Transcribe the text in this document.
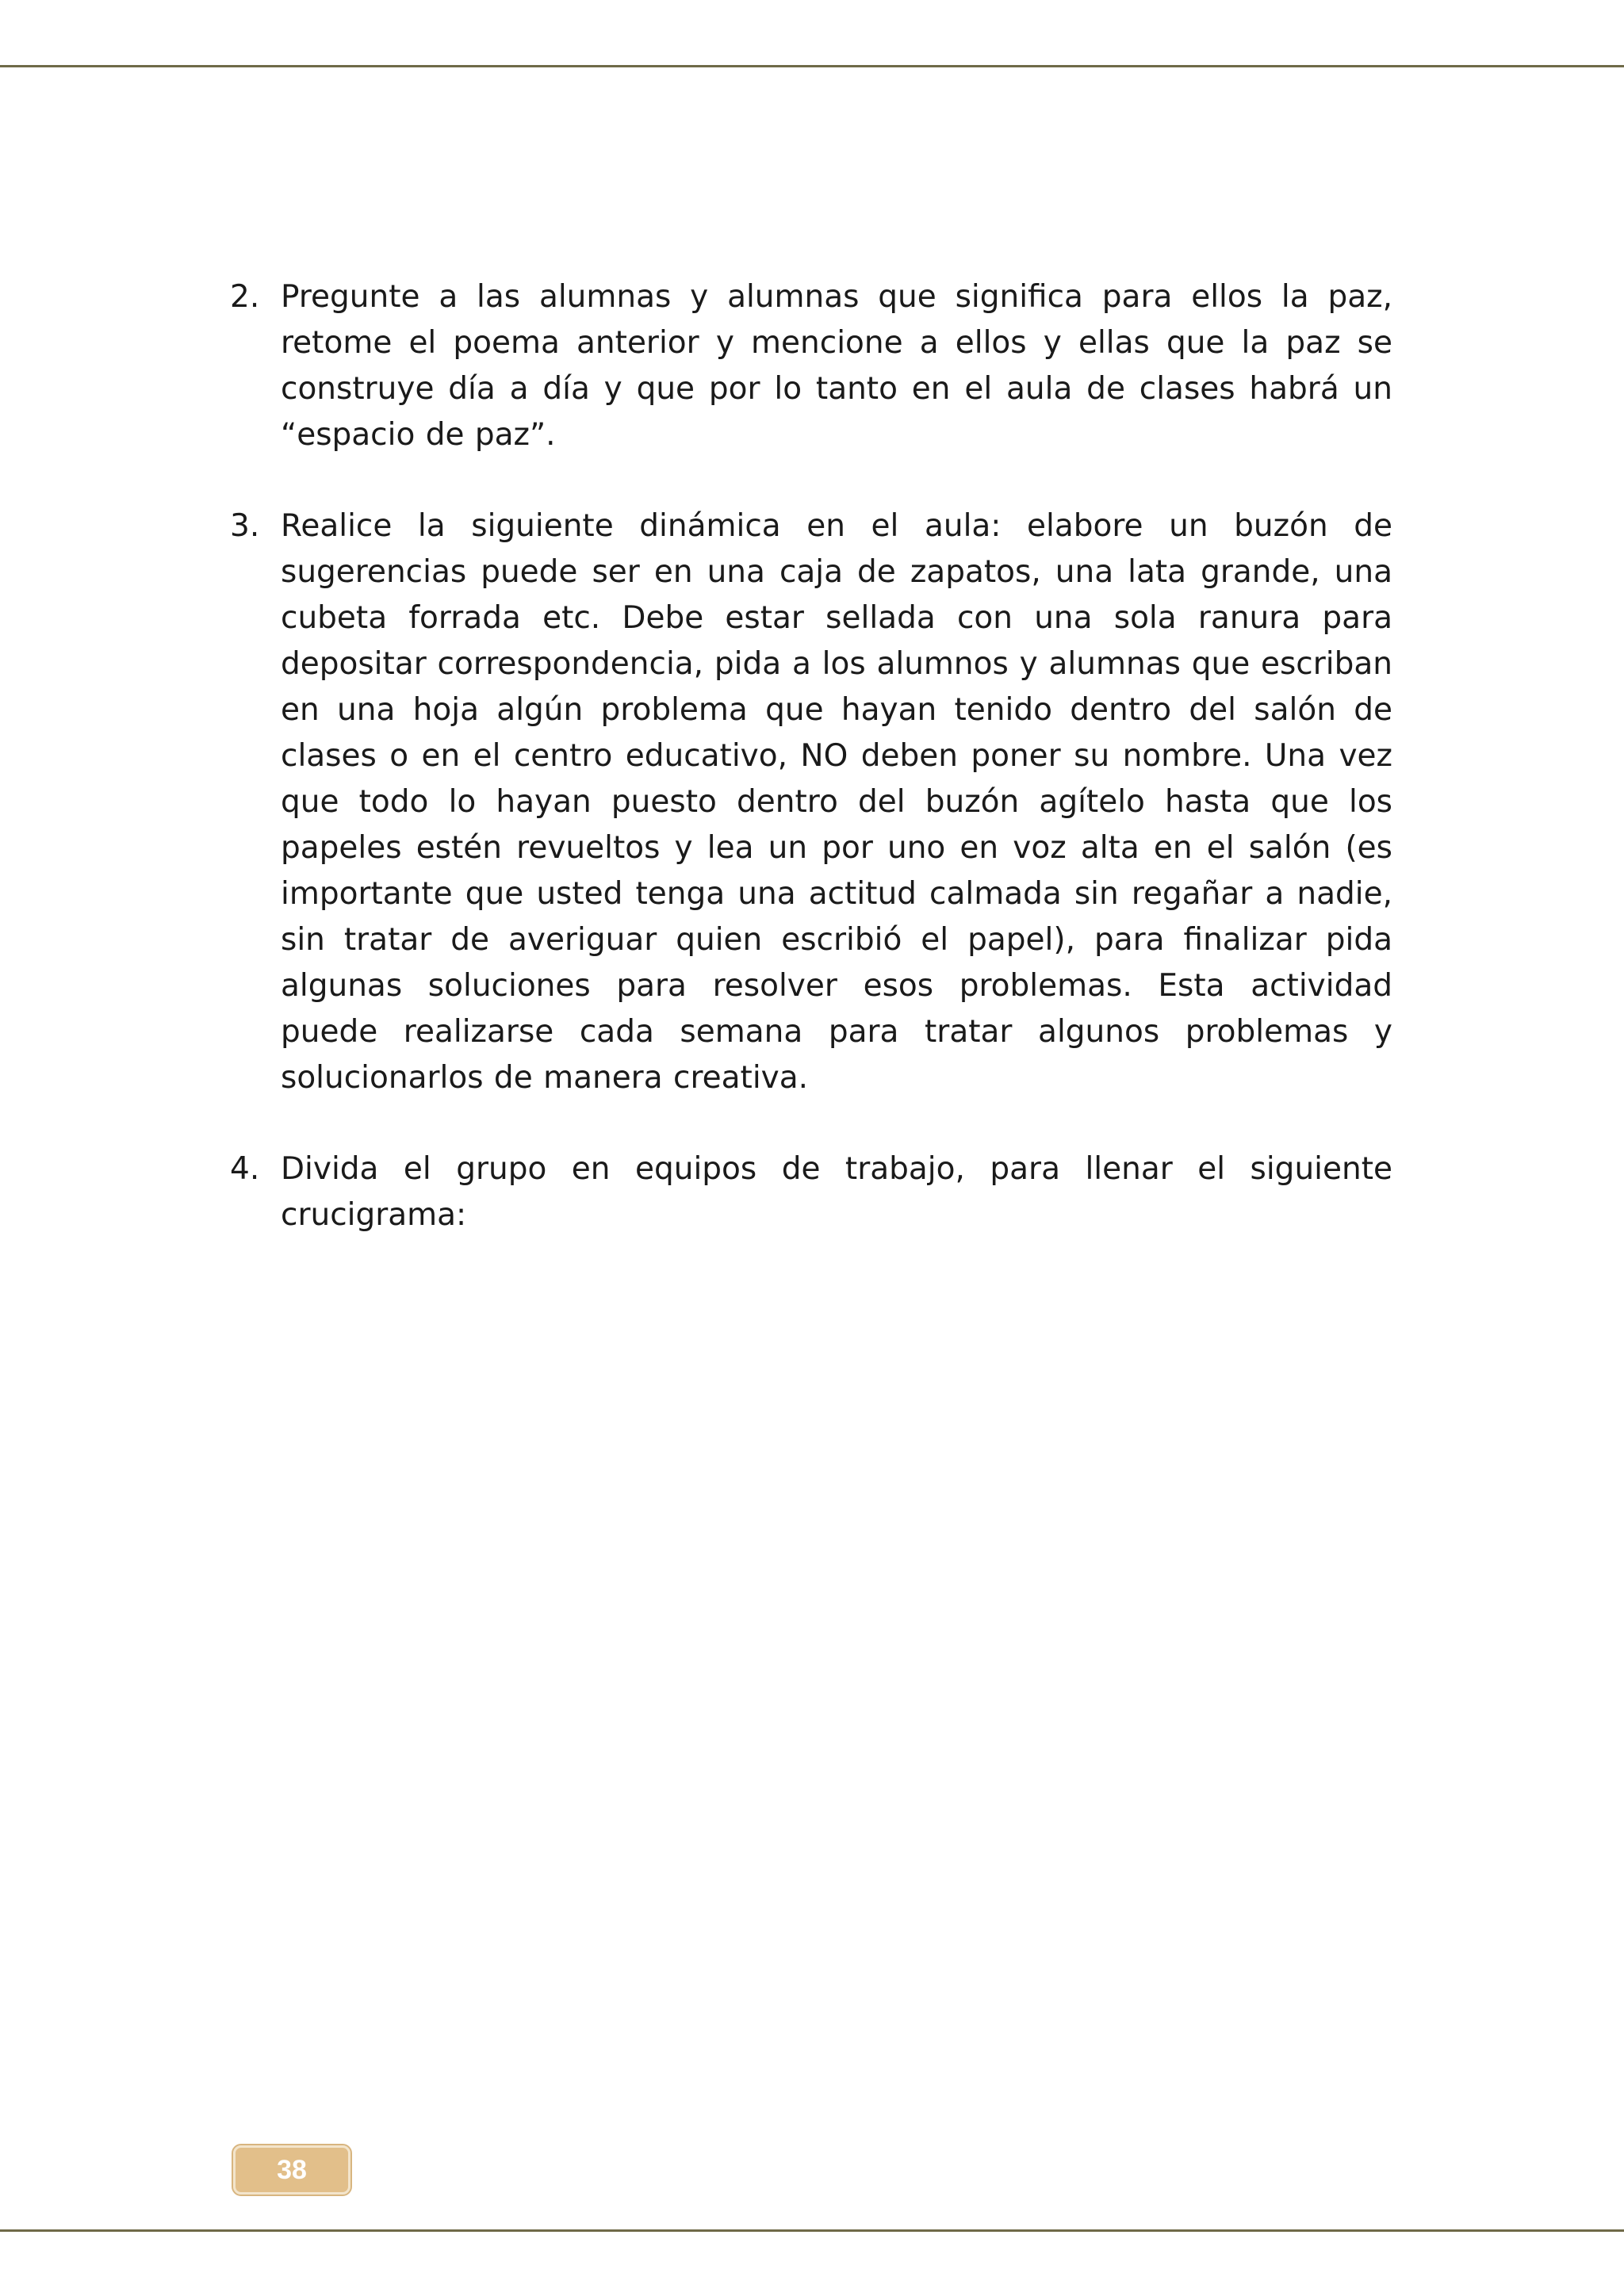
2. Pregunte a las alumnas y alumnas que significa para ellos la paz, retome el poema anterior y mencione a ellos y ellas que la paz se construye día a día y que por lo tanto en el aula de clases habrá un “espacio de paz”.
3. Realice la siguiente dinámica en el aula: elabore un buzón de sugerencias puede ser en una caja de zapatos, una lata grande, una cubeta forrada etc. Debe estar sellada con una sola ranura para depositar correspondencia, pida a los alumnos y alumnas que escriban en una hoja algún problema que hayan tenido dentro del salón de clases o en el centro educativo, NO deben poner su nombre. Una vez que todo lo hayan puesto dentro del buzón agítelo hasta que los papeles estén revueltos y lea un por uno en voz alta en el salón (es importante que usted tenga una actitud calmada sin regañar a nadie, sin tratar de averiguar quien escribió el papel), para finalizar pida algunas soluciones para resolver esos problemas. Esta actividad puede realizarse cada semana para tratar algunos problemas y solucionarlos de manera creativa.
4. Divida el grupo en equipos de trabajo, para llenar el siguiente crucigrama:
38
